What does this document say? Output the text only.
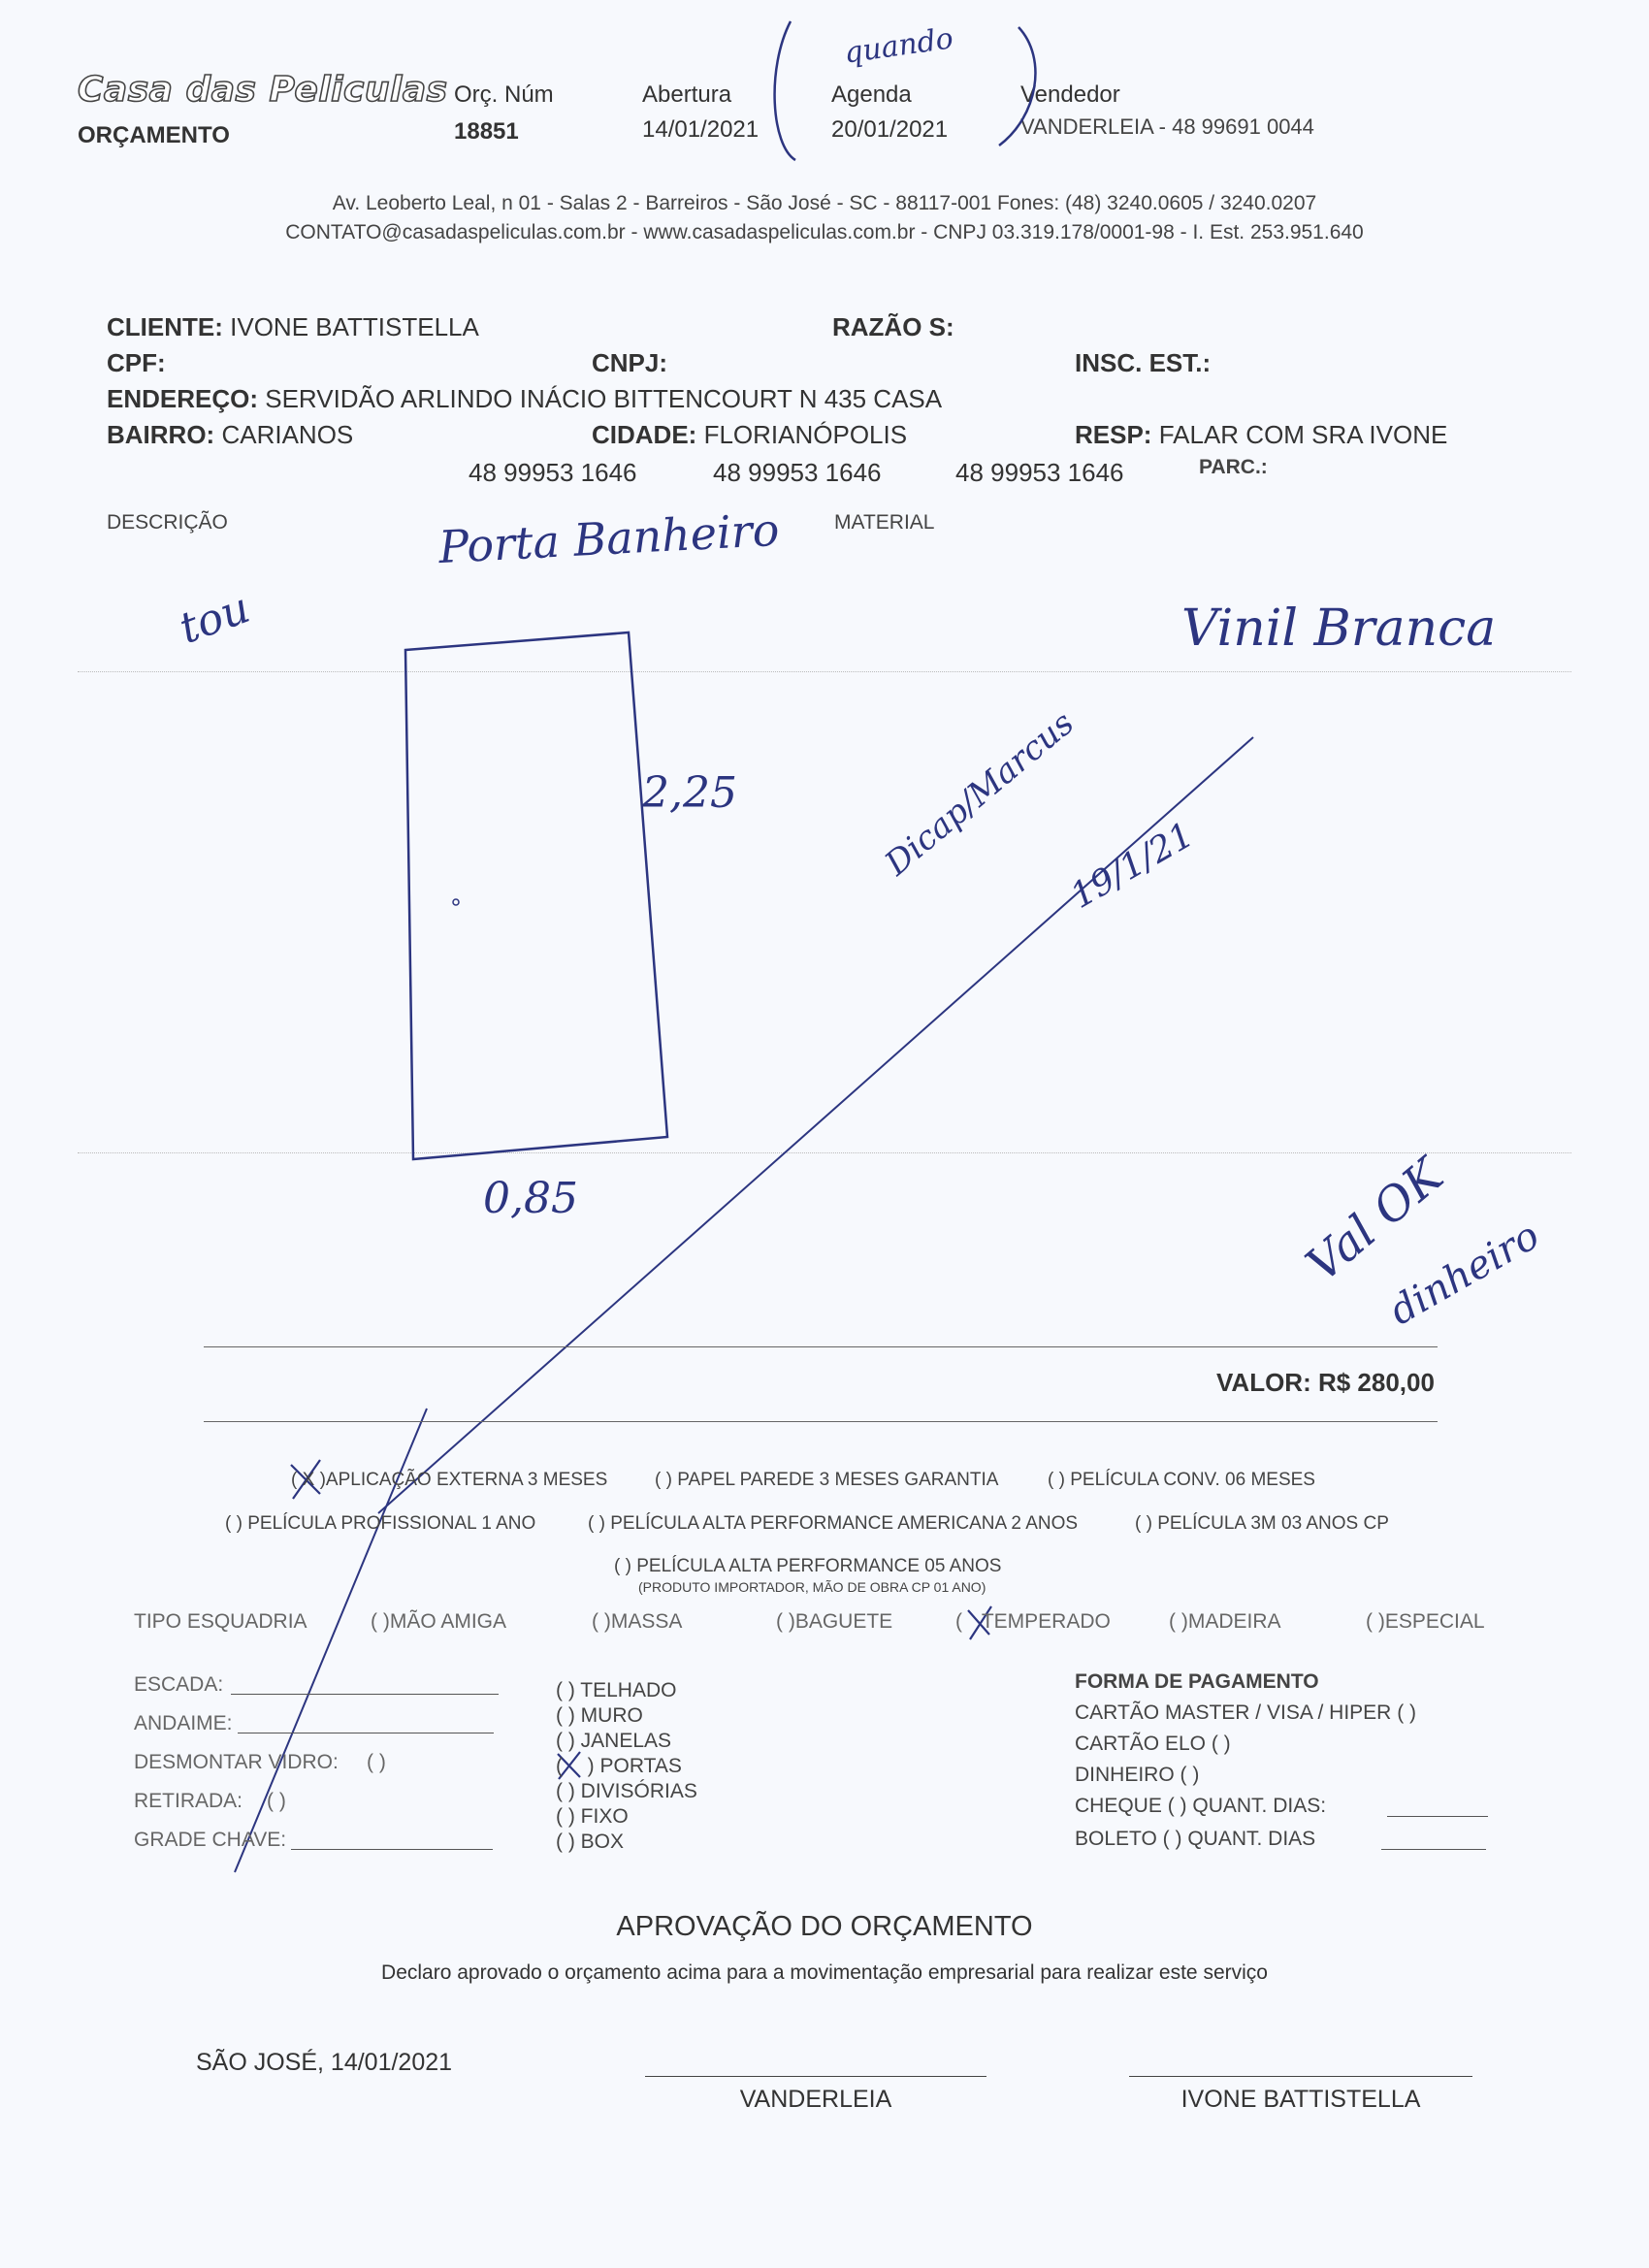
Casa das Peliculas
ORÇAMENTO
Orç. Núm
18851
Abertura
14/01/2021
Agenda
20/01/2021
Vendedor
VANDERLEIA - 48 99691 0044
Av. Leoberto Leal, n 01 - Salas 2 - Barreiros - São José - SC - 88117-001 Fones: (48) 3240.0605 / 3240.0207
CONTATO@casadaspeliculas.com.br - www.casadaspeliculas.com.br - CNPJ 03.319.178/0001-98 - I. Est. 253.951.640
CLIENTE: IVONE BATTISTELLA	RAZÃO S:
CPF:	CNPJ:	INSC. EST.:
ENDEREÇO: SERVIDÃO ARLINDO INÁCIO BITTENCOURT N 435 CASA
BAIRRO: CARIANOS	CIDADE: FLORIANÓPOLIS	RESP: FALAR COM SRA IVONE
48 99953 1646	48 99953 1646	48 99953 1646	PARC.:
DESCRIÇÃO	MATERIAL
quando
Porta Banheiro
tou	Vinil Branca
2,25
0,85
Dicap/Marcus
19/1/21
Val OK
dinheiro
VALOR: R$ 280,00
( X )APLICAÇÃO EXTERNA 3 MESES	( ) PAPEL PAREDE 3 MESES GARANTIA	( ) PELÍCULA CONV. 06 MESES
( ) PELÍCULA PROFISSIONAL 1 ANO	( ) PELÍCULA ALTA PERFORMANCE AMERICANA 2 ANOS	( ) PELÍCULA 3M 03 ANOS CP
( ) PELÍCULA ALTA PERFORMANCE 05 ANOS
(PRODUTO IMPORTADOR, MÃO DE OBRA CP 01 ANO)
TIPO ESQUADRIA	( )MÃO AMIGA	( )MASSA	( )BAGUETE	( TEMPERADO	( )MADEIRA	( )ESPECIAL
ESCADA:
ANDAIME:
DESMONTAR VIDRO: ( )
RETIRADA: ( )
GRADE CHAVE:
( ) TELHADO
( ) MURO
( ) JANELAS
( ) PORTAS
( ) DIVISÓRIAS
( ) FIXO
( ) BOX
FORMA DE PAGAMENTO
CARTÃO MASTER / VISA / HIPER ( )
CARTÃO ELO ( )
DINHEIRO ( )
CHEQUE ( ) QUANT. DIAS:
BOLETO ( ) QUANT. DIAS
APROVAÇÃO DO ORÇAMENTO
Declaro aprovado o orçamento acima para a movimentação empresarial para realizar este serviço
SÃO JOSÉ, 14/01/2021
VANDERLEIA	IVONE BATTISTELLA
